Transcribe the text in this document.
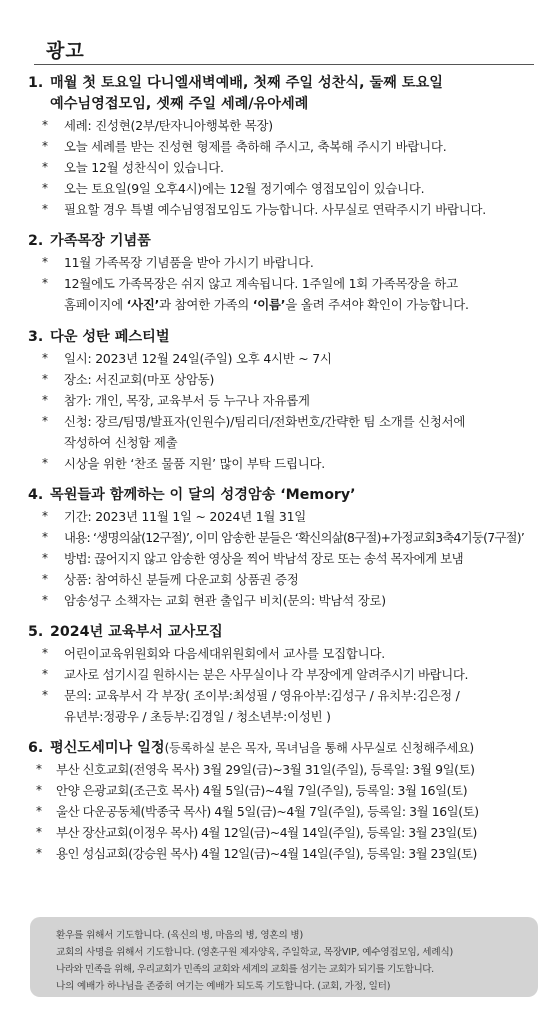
광고
1. 매월 첫 토요일 다니엘새벽예배, 첫째 주일 성찬식, 둘째 토요일
예수님영접모임, 셋째 주일 세례/유아세례
* 세례: 진성현(2부/탄자니아행복한 목장)
* 오늘 세례를 받는 진성현 형제를 축하해 주시고, 축복해 주시기 바랍니다.
* 오늘 12월 성찬식이 있습니다.
* 오는 토요일(9일 오후4시)에는 12월 정기예수 영접모임이 있습니다.
* 필요할 경우 특별 예수님영접모임도 가능합니다. 사무실로 연락주시기 바랍니다.
2. 가족목장 기념품
* 11월 가족목장 기념품을 받아 가시기 바랍니다.
* 12월에도 가족목장은 쉬지 않고 계속됩니다. 1주일에 1회 가족목장을 하고
홈페이지에 ‘사진’과 참여한 가족의 ‘이름’을 올려 주셔야 확인이 가능합니다.
3. 다운 성탄 페스티벌
* 일시: 2023년 12월 24일(주일) 오후 4시반 ~ 7시
* 장소: 서진교회(마포 상암동)
* 참가: 개인, 목장, 교육부서 등 누구나 자유롭게
* 신청: 장르/팀명/발표자(인원수)/팀리더/전화번호/간략한 팀 소개를 신청서에
작성하여 신청함 제출
* 시상을 위한 ‘찬조 물품 지원’ 많이 부탁 드립니다.
4. 목원들과 함께하는 이 달의 성경암송 ‘Memory’
* 기간: 2023년 11월 1일 ~ 2024년 1월 31일
* 내용: ‘생명의삶(12구절)’, 이미 암송한 분들은 ‘확신의삶(8구절)+가정교회3축4기둥(7구절)’
* 방법: 끊어지지 않고 암송한 영상을 찍어 박남석 장로 또는 송석 목자에게 보냄
* 상품: 참여하신 분들께 다운교회 상품권 증정
* 암송성구 소책자는 교회 현관 출입구 비치(문의: 박남석 장로)
5. 2024년 교육부서 교사모집
* 어린이교육위원회와 다음세대위원회에서 교사를 모집합니다.
* 교사로 섬기시길 원하시는 분은 사무실이나 각 부장에게 알려주시기 바랍니다.
* 문의: 교육부서 각 부장( 조이부:최성필 / 영유아부:김성구 / 유치부:김은정 /
유년부:정광우 / 초등부:김경일 / 청소년부:이성빈 )
6. 평신도세미나 일정(등록하실 분은 목자, 목녀님을 통해 사무실로 신청해주세요)
* 부산 신호교회(전영욱 목사) 3월 29일(금)~3월 31일(주일), 등록일: 3월 9일(토)
* 안양 은광교회(조근호 목사) 4월 5일(금)~4월 7일(주일), 등록일: 3월 16일(토)
* 울산 다운공동체(박종국 목사) 4월 5일(금)~4월 7일(주일), 등록일: 3월 16일(토)
* 부산 장산교회(이정우 목사) 4월 12일(금)~4월 14일(주일), 등록일: 3월 23일(토)
* 용인 성심교회(강승원 목사) 4월 12일(금)~4월 14일(주일), 등록일: 3월 23일(토)
환우를 위해서 기도합니다. (육신의 병, 마음의 병, 영혼의 병)
교회의 사명을 위해서 기도합니다. (영혼구원 제자양육, 주일학교, 목장VIP, 예수영접모임, 세례식)
나라와 민족을 위해, 우리교회가 민족의 교회와 세계의 교회를 섬기는 교회가 되기를 기도합니다.
나의 예배가 하나님을 존중히 여기는 예배가 되도록 기도합니다. (교회, 가정, 일터)
